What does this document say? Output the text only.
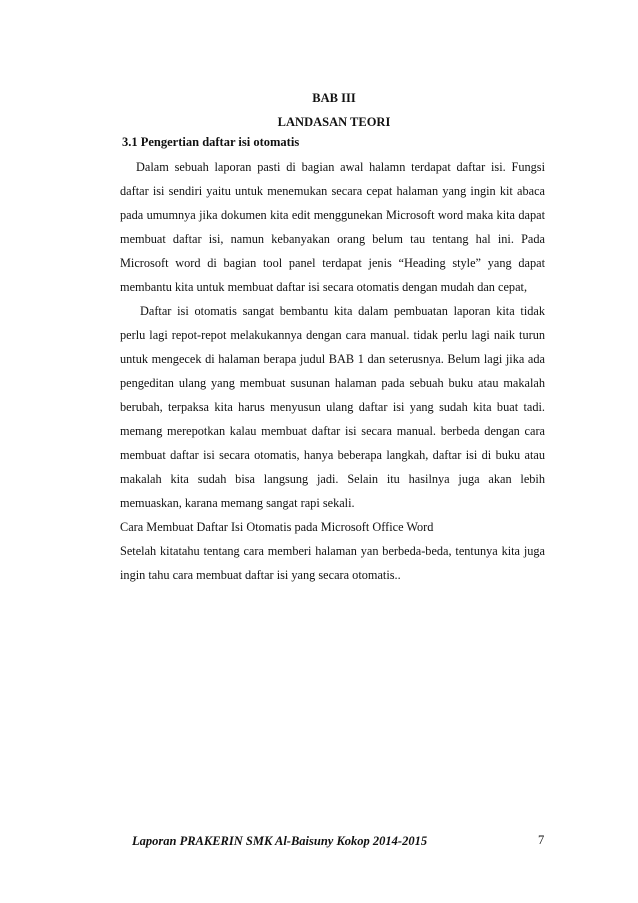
BAB III
LANDASAN TEORI
3.1 Pengertian daftar isi otomatis

Dalam sebuah laporan pasti di bagian awal halamn terdapat daftar isi. Fungsi daftar isi sendiri yaitu untuk menemukan secara cepat halaman yang ingin kit abaca pada umumnya jika dokumen kita edit menggunekan Microsoft word maka kita dapat membuat daftar isi, namun kebanyakan orang belum tau tentang hal ini. Pada Microsoft word di bagian tool panel terdapat jenis “Heading style” yang dapat membantu kita untuk membuat daftar isi secara otomatis dengan mudah dan cepat,

Daftar isi otomatis sangat bembantu kita dalam pembuatan laporan kita tidak perlu lagi repot-repot melakukannya dengan cara manual. tidak perlu lagi naik turun untuk mengecek di halaman berapa judul BAB 1 dan seterusnya. Belum lagi jika ada pengeditan ulang yang membuat susunan halaman pada sebuah buku atau makalah berubah, terpaksa kita harus menyusun ulang daftar isi yang sudah kita buat tadi. memang merepotkan kalau membuat daftar isi secara manual. berbeda dengan cara membuat daftar isi secara otomatis, hanya beberapa langkah, daftar isi di buku atau makalah kita sudah bisa langsung jadi. Selain itu hasilnya juga akan lebih memuaskan, karana memang sangat rapi sekali.

Cara Membuat Daftar Isi Otomatis pada Microsoft Office Word

Setelah kitatahu tentang cara memberi halaman yan berbeda-beda, tentunya kita juga ingin tahu cara membuat daftar isi yang secara otomatis..

Laporan PRAKERIN SMK Al-Baisuny Kokop 2014-2015	7
